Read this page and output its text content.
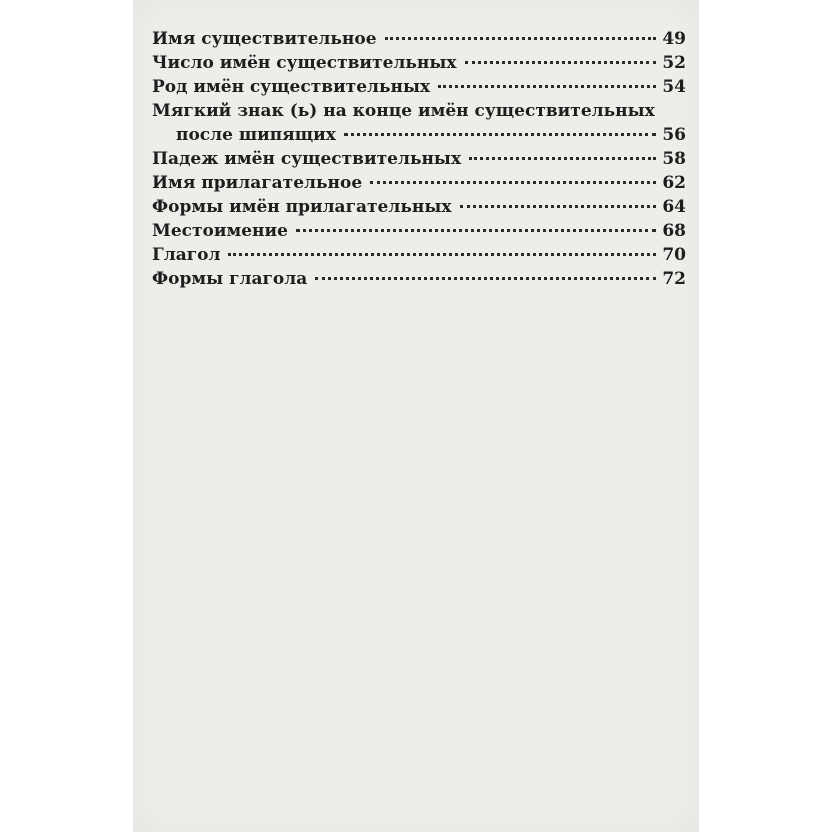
Имя существительное	49
Число имён существительных	52
Род имён существительных	54
Мягкий знак (ь) на конце имён существительных
после шипящих	56
Падеж имён существительных	58
Имя прилагательное	62
Формы имён прилагательных	64
Местоимение	68
Глагол	70
Формы глагола	72
